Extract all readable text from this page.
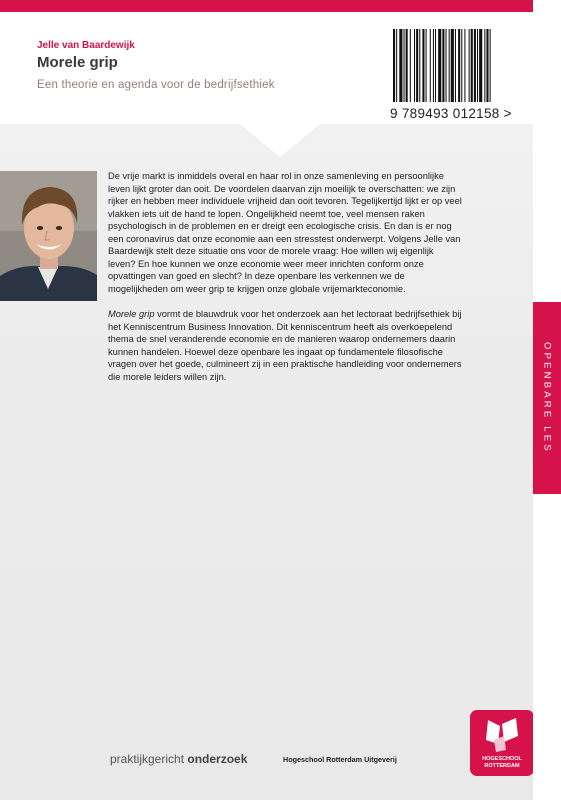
Jelle van Baardewijk
Morele grip
Een theorie en agenda voor de bedrijfsethiek
9 789493 012158 >

De vrije markt is inmiddels overal en haar rol in onze samenleving en persoonlijke leven lijkt groter dan ooit. De voordelen daarvan zijn moeilijk te overschatten: we zijn rijker en hebben meer individuele vrijheid dan ooit tevoren. Tegelijkertijd lijkt er op veel vlakken iets uit de hand te lopen. Ongelijkheid neemt toe, veel mensen raken psychologisch in de problemen en er dreigt een ecologische crisis. En dan is er nog een coronavirus dat onze economie aan een stresstest onderwerpt. Volgens Jelle van Baardewijk stelt deze situatie ons voor de morele vraag: Hoe willen wij eigenlijk leven? En hoe kunnen we onze economie weer meer inrichten conform onze opvattingen van goed en slecht? In deze openbare les verkennen we de mogelijkheden om weer grip te krijgen onze globale vrijemarkteconomie.

Morele grip vormt de blauwdruk voor het onderzoek aan het lectoraat bedrijfsethiek bij het Kenniscentrum Business Innovation. Dit kenniscentrum heeft als overkoepelend thema de snel veranderende economie en de manieren waarop ondernemers daarin kunnen handelen. Hoewel deze openbare les ingaat op fundamentele filosofische vragen over het goede, culmineert zij in een praktische handleiding voor ondernemers die morele leiders willen zijn.

praktijkgericht onderzoek	Hogeschool Rotterdam Uitgeverij	HOGESCHOOL
ROTTERDAM
OPENBARE LES
